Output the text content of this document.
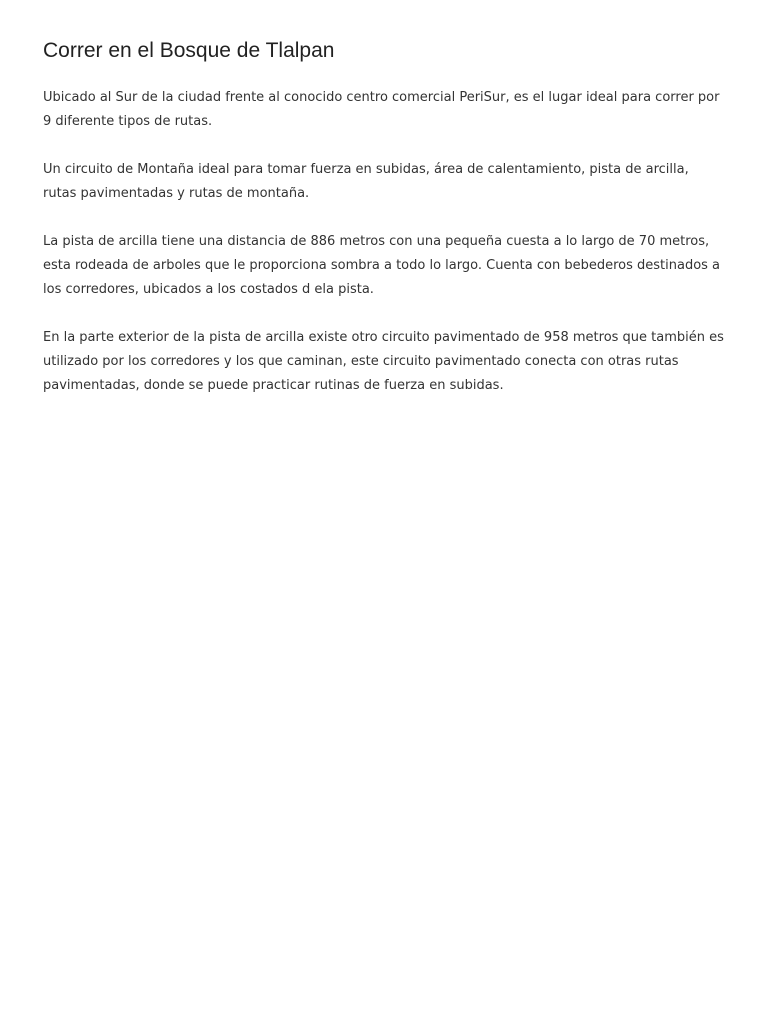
Correr en el Bosque de Tlalpan

Ubicado al Sur de la ciudad frente al conocido centro comercial PeriSur, es el lugar ideal para correr por 9 diferente tipos de rutas.

Un circuito de Montaña ideal para tomar fuerza en subidas, área de calentamiento, pista de arcilla, rutas pavimentadas y rutas de montaña.

La pista de arcilla tiene una distancia de 886 metros con una pequeña cuesta a lo largo de 70 metros, esta rodeada de arboles que le proporciona sombra a todo lo largo. Cuenta con bebederos destinados a los corredores, ubicados a los costados d ela pista.

En la parte exterior de la pista de arcilla existe otro circuito pavimentado de 958 metros que también es utilizado por los corredores y los que caminan, este circuito pavimentado conecta con otras rutas pavimentadas, donde se puede practicar rutinas de fuerza en subidas.
